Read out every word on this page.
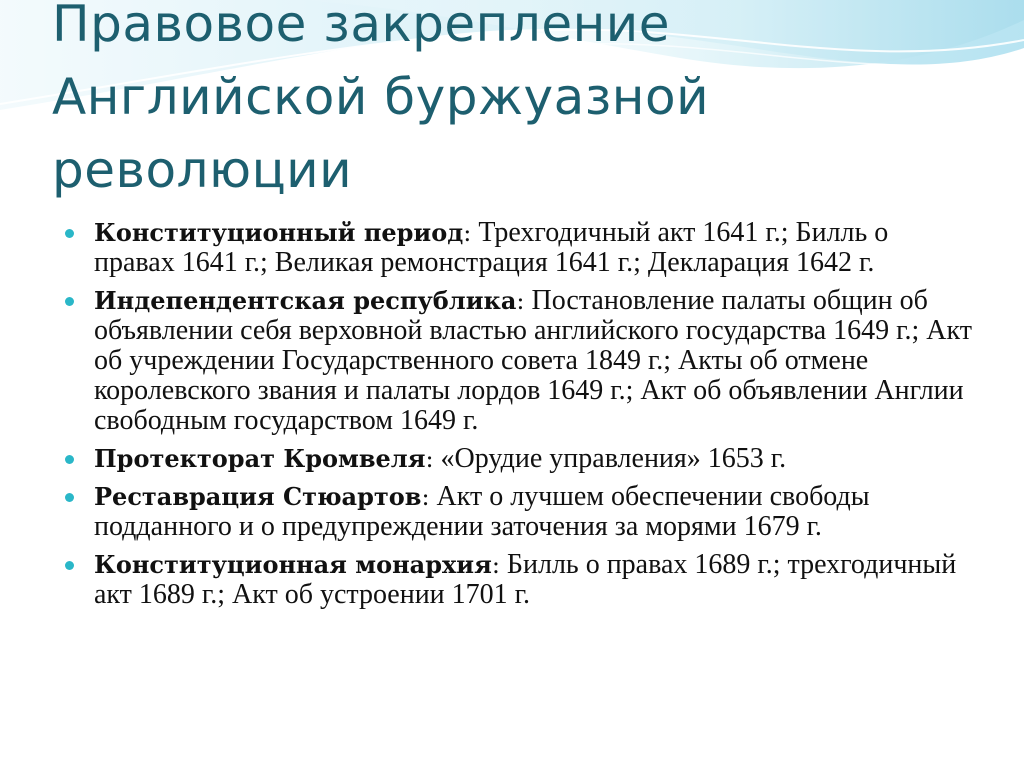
Правовое закрепление
Английской буржуазной
революции
Конституционный период: Трехгодичный акт 1641 г.; Билль о правах 1641 г.; Великая ремонстрация 1641 г.; Декларация 1642 г.
Индепендентская республика: Постановление палаты общин об объявлении себя верховной властью английского государства 1649 г.; Акт об учреждении Государственного совета 1849 г.; Акты об отмене королевского звания и палаты лордов 1649 г.; Акт об объявлении Англии свободным государством 1649 г.
Протекторат Кромвеля: «Орудие управления» 1653 г.
Реставрация Стюартов: Акт о лучшем обеспечении свободы подданного и о предупреждении заточения за морями 1679 г.
Конституционная монархия: Билль о правах 1689 г.; трехгодичный акт 1689 г.; Акт об устроении 1701 г.
